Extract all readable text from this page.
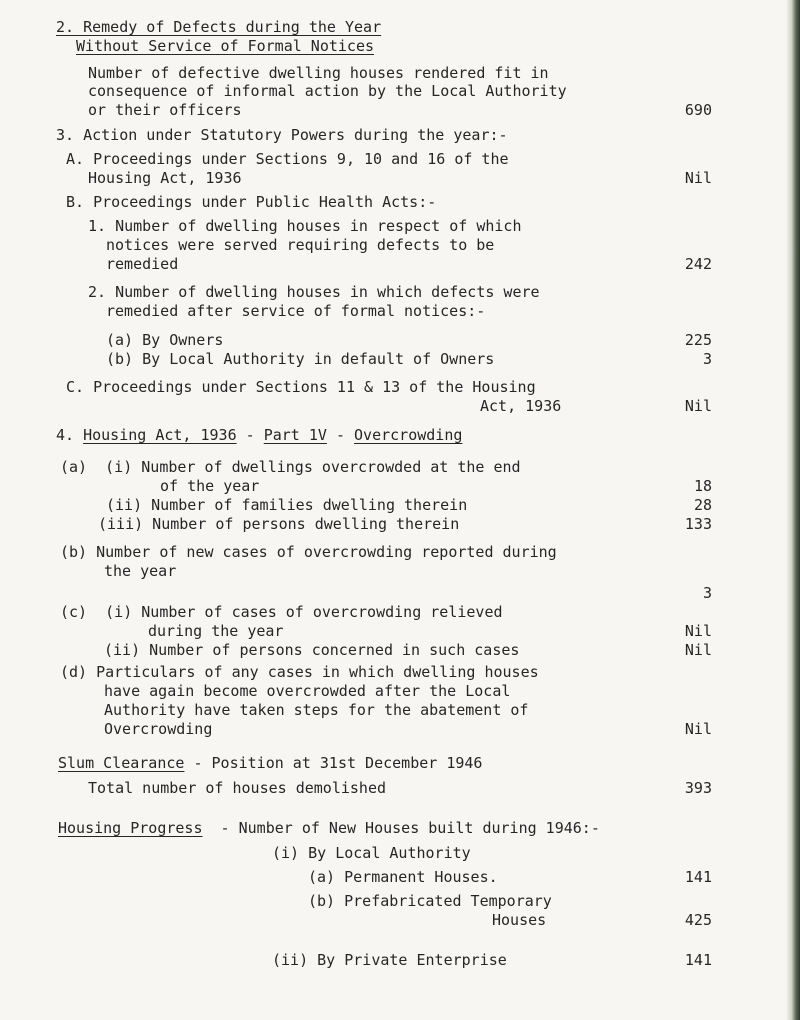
2. Remedy of Defects during the Year
Without Service of Formal Notices
Number of defective dwelling houses rendered fit in
consequence of informal action by the Local Authority
or their officers	690
3. Action under Statutory Powers during the year:-
A. Proceedings under Sections 9, 10 and 16 of the
Housing Act, 1936	Nil
B. Proceedings under Public Health Acts:-
1. Number of dwelling houses in respect of which
notices were served requiring defects to be
remedied	242
2. Number of dwelling houses in which defects were
remedied after service of formal notices:-
(a) By Owners	225
(b) By Local Authority in default of Owners	3
C. Proceedings under Sections 11 & 13 of the Housing
Act, 1936	Nil
4. Housing Act, 1936 - Part 1V - Overcrowding
(a)  (i) Number of dwellings overcrowded at the end
of the year	18
(ii) Number of families dwelling therein	28
(iii) Number of persons dwelling therein	133
(b) Number of new cases of overcrowding reported during
the year
3
(c)  (i) Number of cases of overcrowding relieved
during the year	Nil
(ii) Number of persons concerned in such cases	Nil
(d) Particulars of any cases in which dwelling houses
have again become overcrowded after the Local
Authority have taken steps for the abatement of
Overcrowding	Nil
Slum Clearance - Position at 31st December 1946
Total number of houses demolished	393
Housing Progress  - Number of New Houses built during 1946:-
(i) By Local Authority
(a) Permanent Houses.	141
(b) Prefabricated Temporary
Houses	425
(ii) By Private Enterprise	141
